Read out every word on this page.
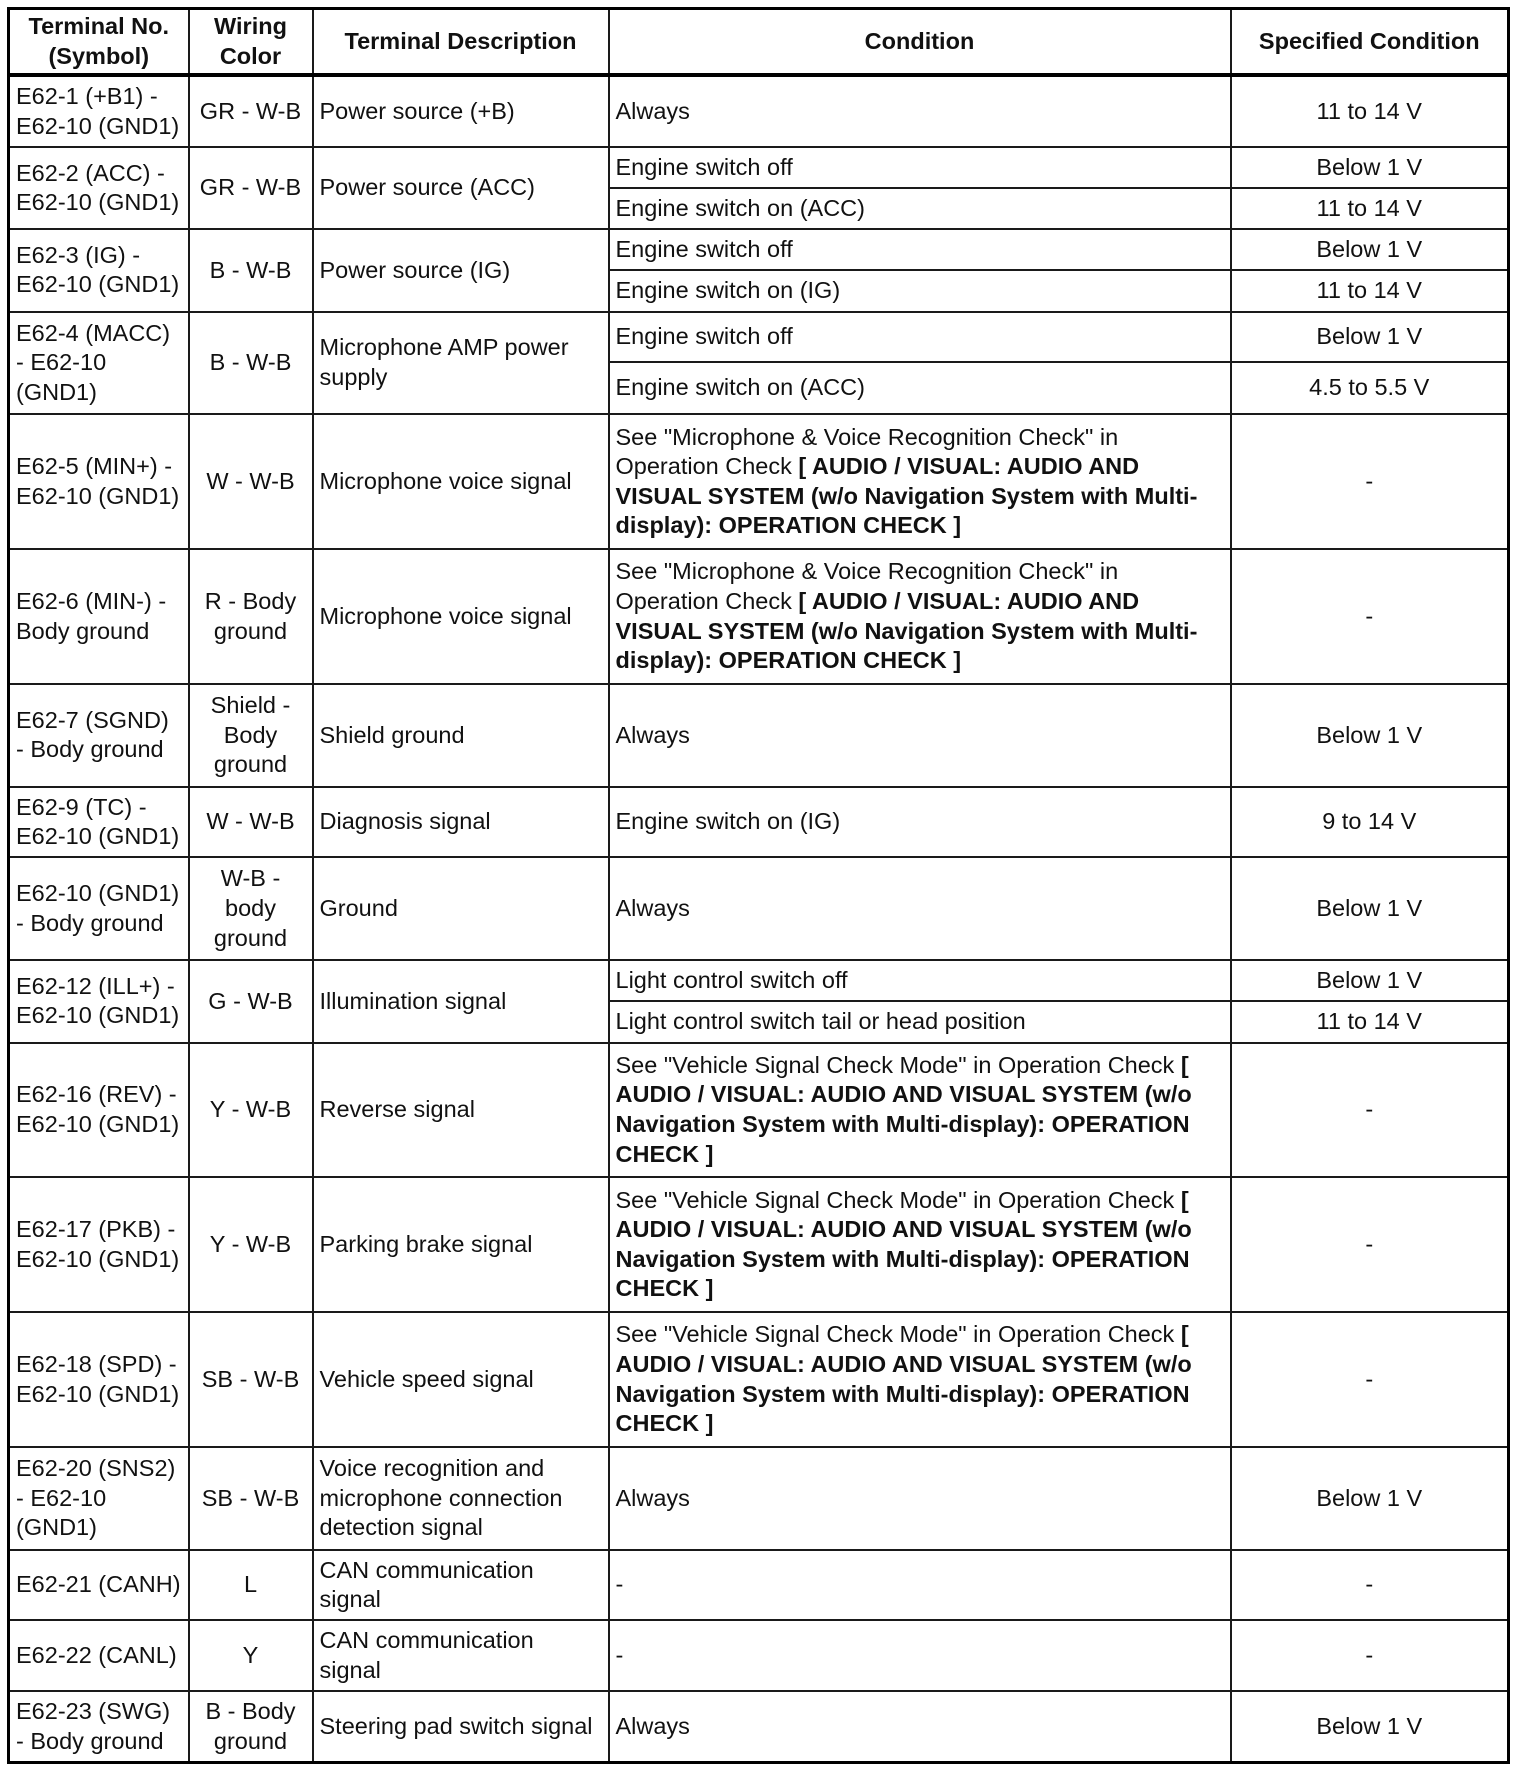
Terminal No. (Symbol)	Wiring Color	Terminal Description	Condition	Specified Condition
E62-1 (+B1) - E62-10 (GND1)	GR - W-B	Power source (+B)	Always	11 to 14 V
E62-2 (ACC) - E62-10 (GND1)	GR - W-B	Power source (ACC)	Engine switch off	Below 1 V
			Engine switch on (ACC)	11 to 14 V
E62-3 (IG) - E62-10 (GND1)	B - W-B	Power source (IG)	Engine switch off	Below 1 V
			Engine switch on (IG)	11 to 14 V
E62-4 (MACC) - E62-10 (GND1)	B - W-B	Microphone AMP power supply	Engine switch off	Below 1 V
			Engine switch on (ACC)	4.5 to 5.5 V
E62-5 (MIN+) - E62-10 (GND1)	W - W-B	Microphone voice signal	See "Microphone & Voice Recognition Check" in Operation Check [ AUDIO / VISUAL: AUDIO AND VISUAL SYSTEM (w/o Navigation System with Multi-display): OPERATION CHECK ]	-
E62-6 (MIN-) - Body ground	R - Body ground	Microphone voice signal	See "Microphone & Voice Recognition Check" in Operation Check [ AUDIO / VISUAL: AUDIO AND VISUAL SYSTEM (w/o Navigation System with Multi-display): OPERATION CHECK ]	-
E62-7 (SGND) - Body ground	Shield - Body ground	Shield ground	Always	Below 1 V
E62-9 (TC) - E62-10 (GND1)	W - W-B	Diagnosis signal	Engine switch on (IG)	9 to 14 V
E62-10 (GND1) - Body ground	W-B - body ground	Ground	Always	Below 1 V
E62-12 (ILL+) - E62-10 (GND1)	G - W-B	Illumination signal	Light control switch off	Below 1 V
			Light control switch tail or head position	11 to 14 V
E62-16 (REV) - E62-10 (GND1)	Y - W-B	Reverse signal	See "Vehicle Signal Check Mode" in Operation Check [ AUDIO / VISUAL: AUDIO AND VISUAL SYSTEM (w/o Navigation System with Multi-display): OPERATION CHECK ]	-
E62-17 (PKB) - E62-10 (GND1)	Y - W-B	Parking brake signal	See "Vehicle Signal Check Mode" in Operation Check [ AUDIO / VISUAL: AUDIO AND VISUAL SYSTEM (w/o Navigation System with Multi-display): OPERATION CHECK ]	-
E62-18 (SPD) - E62-10 (GND1)	SB - W-B	Vehicle speed signal	See "Vehicle Signal Check Mode" in Operation Check [ AUDIO / VISUAL: AUDIO AND VISUAL SYSTEM (w/o Navigation System with Multi-display): OPERATION CHECK ]	-
E62-20 (SNS2) - E62-10 (GND1)	SB - W-B	Voice recognition and microphone connection detection signal	Always	Below 1 V
E62-21 (CANH)	L	CAN communication signal	-	-
E62-22 (CANL)	Y	CAN communication signal	-	-
E62-23 (SWG) - Body ground	B - Body ground	Steering pad switch signal	Always	Below 1 V
